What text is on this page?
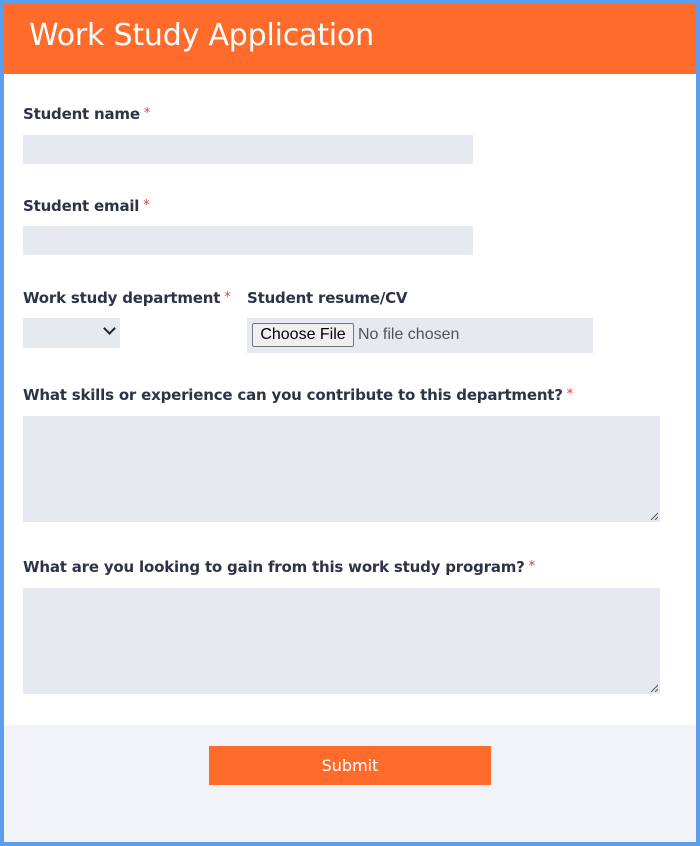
Work Study Application
Student name *
Student email *
Work study department * Student resume/CV
Choose File No file chosen
What skills or experience can you contribute to this department? *
What are you looking to gain from this work study program? *
Submit
